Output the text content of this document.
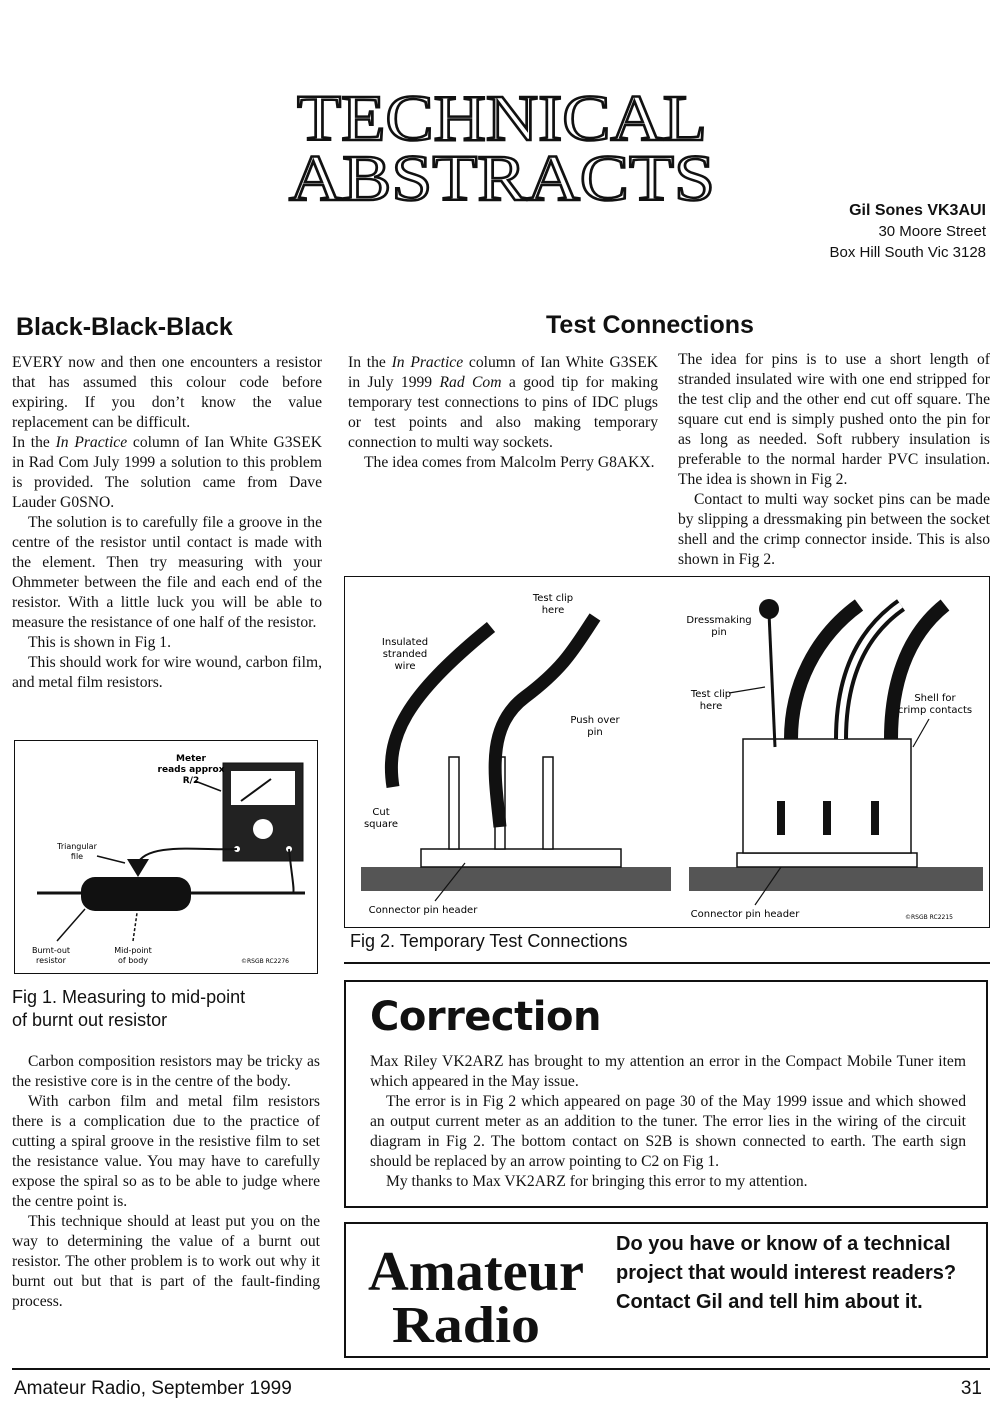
TECHNICAL
ABSTRACTS	Gil Sones VK3AUI
30 Moore Street
Box Hill South Vic 3128
Black-Black-Black	Test Connections

EVERY now and then one encounters a resistor that has assumed this colour code before expiring. If you don’t know the value replacement can be difficult.

In the In Practice column of Ian White G3SEK in Rad Com July 1999 a solution to this problem is provided. The solution came from Dave Lauder G0SNO.

The solution is to carefully file a groove in the centre of the resistor until contact is made with the element. Then try measuring with your Ohmmeter between the file and each end of the resistor. With a little luck you will be able to measure the resistance of one half of the resistor.

This is shown in Fig 1.

This should work for wire wound, carbon film, and metal film resistors.

Meter
reads approx
R/2
Triangular
file
Burnt-out
resistor
Mid-point
of body	©RSGB RC2276
Fig 1. Measuring to mid-point of burnt out resistor

Carbon composition resistors may be tricky as the resistive core is in the centre of the body.

With carbon film and metal film resistors there is a complication due to the practice of cutting a spiral groove in the resistive film to set the resistance value. You may have to carefully expose the spiral so as to be able to judge where the centre point is.

This technique should at least put you on the way to determining the value of a burnt out resistor. The other problem is to work out why it burnt out but that is part of the fault-finding process.

In the In Practice column of Ian White G3SEK in July 1999 Rad Com a good tip for making temporary test connections to pins of IDC plugs or test points and also making temporary connection to multi way sockets.

The idea comes from Malcolm Perry G8AKX.

The idea for pins is to use a short length of stranded insulated wire with one end stripped for the test clip and the other end cut off square. The square cut end is simply pushed onto the pin for as long as needed. Soft rubbery insulation is preferable to the normal harder PVC insulation. The idea is shown in Fig 2.

Contact to multi way socket pins can be made by slipping a dressmaking pin between the socket shell and the crimp connector inside. This is also shown in Fig 2.

Insulated
stranded
wire
Test clip
here
Push over
pin
Cut
square
Connector pin header
Dressmaking
pin
Test clip
here
Shell for
crimp contacts
Connector pin header	©RSGB RC2215
Fig 2. Temporary Test Connections
Correction

Max Riley VK2ARZ has brought to my attention an error in the Compact Mobile Tuner item which appeared in the May issue.

The error is in Fig 2 which appeared on page 30 of the May 1999 issue and which showed an output current meter as an addition to the tuner. The error lies in the wiring of the circuit diagram in Fig 2. The bottom contact on S2B is shown connected to earth. The earth sign should be replaced by an arrow pointing to C2 on Fig 1.

My thanks to Max VK2ARZ for bringing this error to my attention.

Amateur
Radio
Do you have or know of a technical project that would interest readers? Contact Gil and tell him about it.
Amateur Radio, September 1999	31
